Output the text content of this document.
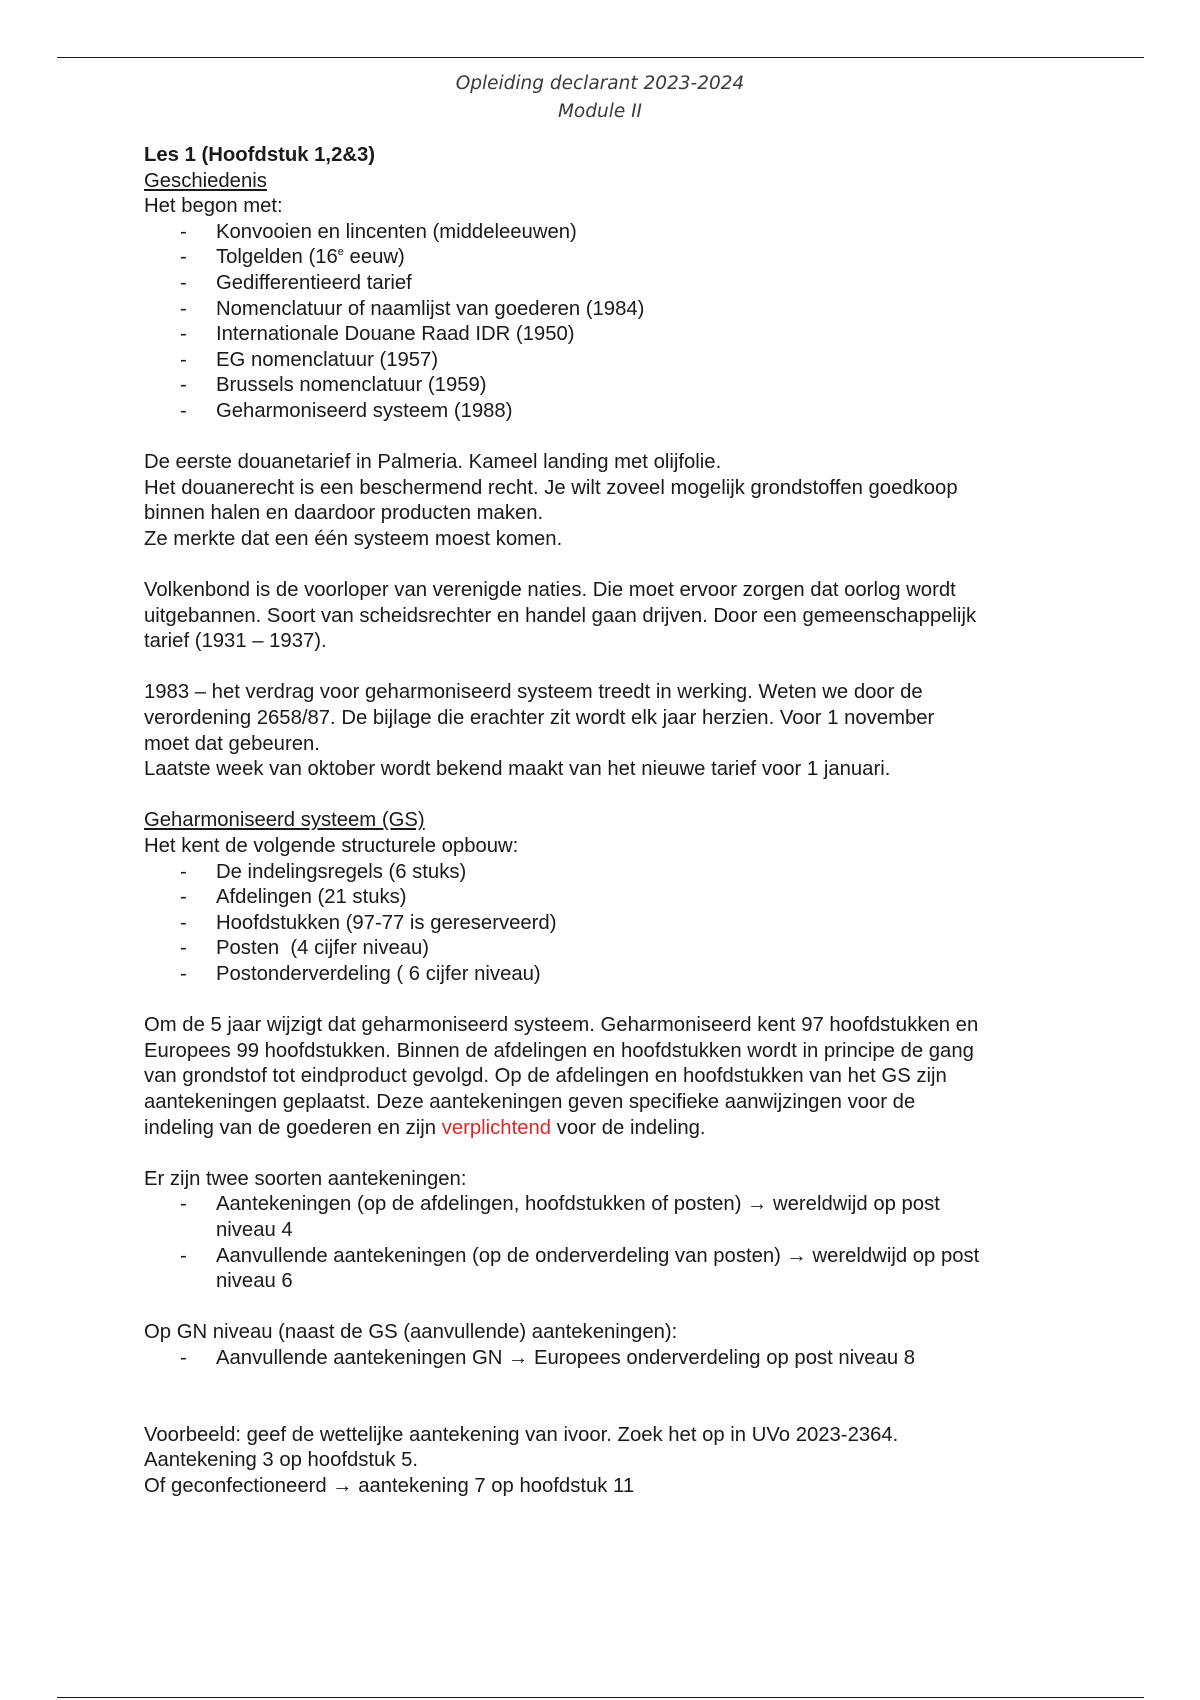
Opleiding declarant 2023-2024
Module II

Les 1 (Hoofdstuk 1,2&3)

Geschiedenis

Het begon met:

- Konvooien en lincenten (middeleeuwen)
- Tolgelden (16e eeuw)
- Gedifferentieerd tarief
- Nomenclatuur of naamlijst van goederen (1984)
- Internationale Douane Raad IDR (1950)
- EG nomenclatuur (1957)
- Brussels nomenclatuur (1959)
- Geharmoniseerd systeem (1988)

De eerste douanetarief in Palmeria. Kameel landing met olijfolie.

Het douanerecht is een beschermend recht. Je wilt zoveel mogelijk grondstoffen goedkoop

binnen halen en daardoor producten maken.

Ze merkte dat een één systeem moest komen.

Volkenbond is de voorloper van verenigde naties. Die moet ervoor zorgen dat oorlog wordt

uitgebannen. Soort van scheidsrechter en handel gaan drijven. Door een gemeenschappelijk

tarief (1931 – 1937).

1983 – het verdrag voor geharmoniseerd systeem treedt in werking. Weten we door de

verordening 2658/87. De bijlage die erachter zit wordt elk jaar herzien. Voor 1 november

moet dat gebeuren.

Laatste week van oktober wordt bekend maakt van het nieuwe tarief voor 1 januari.

Geharmoniseerd systeem (GS)

Het kent de volgende structurele opbouw:

- De indelingsregels (6 stuks)
- Afdelingen (21 stuks)
- Hoofdstukken (97-77 is gereserveerd)
- Posten  (4 cijfer niveau)
- Postonderverdeling ( 6 cijfer niveau)

Om de 5 jaar wijzigt dat geharmoniseerd systeem. Geharmoniseerd kent 97 hoofdstukken en

Europees 99 hoofdstukken. Binnen de afdelingen en hoofdstukken wordt in principe de gang

van grondstof tot eindproduct gevolgd. Op de afdelingen en hoofdstukken van het GS zijn

aantekeningen geplaatst. Deze aantekeningen geven specifieke aanwijzingen voor de

indeling van de goederen en zijn verplichtend voor de indeling.

Er zijn twee soorten aantekeningen:

- Aantekeningen (op de afdelingen, hoofdstukken of posten) → wereldwijd op post
niveau 4
- Aanvullende aantekeningen (op de onderverdeling van posten) → wereldwijd op post
niveau 6

Op GN niveau (naast de GS (aanvullende) aantekeningen):

- Aanvullende aantekeningen GN → Europees onderverdeling op post niveau 8

Voorbeeld: geef de wettelijke aantekening van ivoor. Zoek het op in UVo 2023-2364.

Aantekening 3 op hoofdstuk 5.

Of geconfectioneerd → aantekening 7 op hoofdstuk 11
